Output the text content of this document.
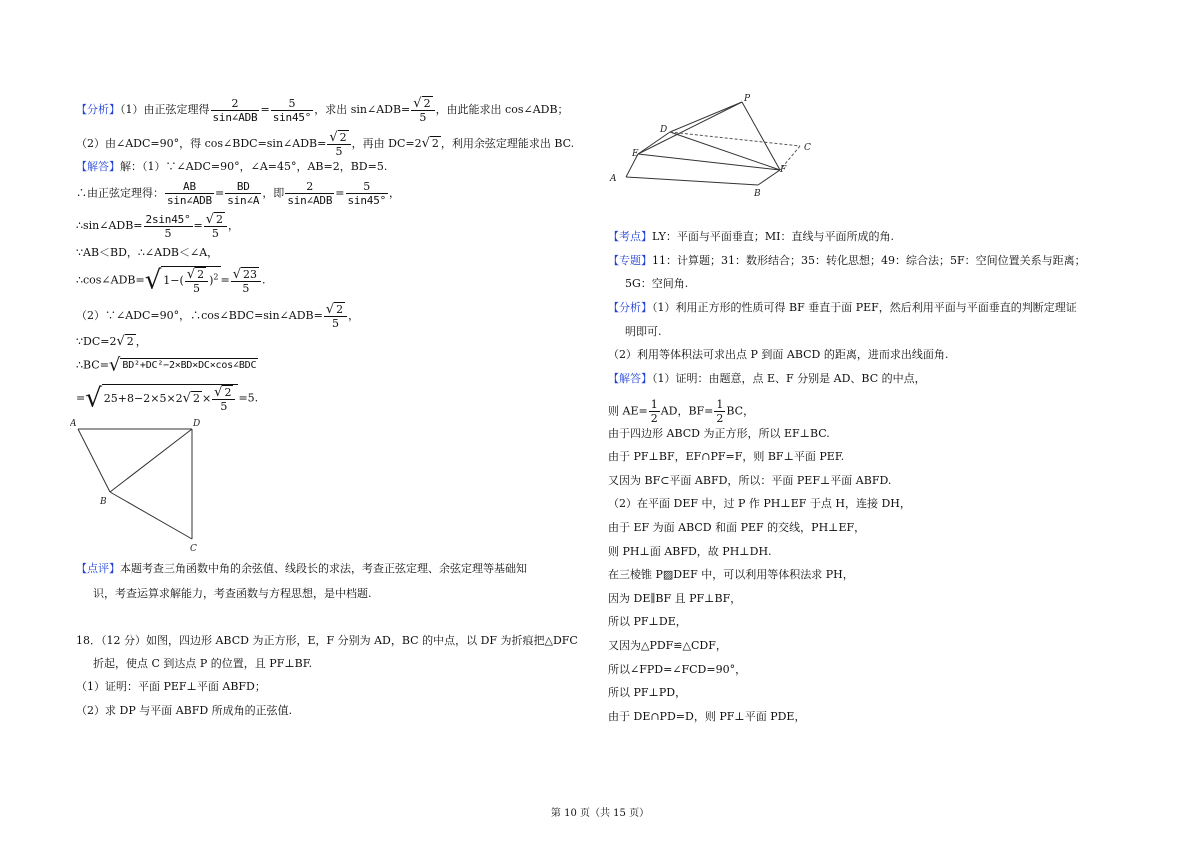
【分析】（1）由正弦定理得	2
sin∠ADB
= $\frac{5}{\sin 45^\circ}$ ，求出 sin∠ADB= $\frac{√ 2}{5}$ ，由此能求出 cos∠ADB；
（2）由∠ADC=90°，得 cos∠BDC=sin∠ADB= $\frac{√ 2}{5}$ ，再由 DC=2√ 2 ，利用余弦定理能求出 BC.
【解答】解：（1）∵∠ADC=90°，∠A=45°，AB=2，BD=5.
∴由正弦定理得：	AB
sin∠ADB
= $\frac{BD}{\sin\angle A}$ ，即	2
sin∠ADB
= $\frac{5}{\sin 45^\circ}$ ，
∴sin∠ADB= $\frac{2\sin 45^\circ}{5} = \frac{√ 2}{5}$ ，
∵AB＜BD，∴∠ADB＜∠A，
∴cos∠ADB=√ $1-( \frac{√ 2}{5} )^2 = \frac{√ 23}{5}$ .
（2）∵∠ADC=90°，∴cos∠BDC=sin∠ADB= $\frac{√ 2}{5}$ ，
∵DC=2√ 2 ，
∴BC=√ BD²+DC²−2×BD×DC×cos∠BDC
=√ 25+8−2×5×2√ $2 \times \frac{√ 2}{5} =5$.
A	D
B
C
【点评】本题考查三角函数中角的余弦值、线段长的求法，考查正弦定理、余弦定理等基础知
识，考查运算求解能力，考查函数与方程思想，是中档题.
18．（12 分）如图，四边形 ABCD 为正方形，E，F 分别为 AD，BC 的中点，以 DF 为折痕把△DFC
折起，使点 C 到达点 P 的位置，且 PF⊥BF.
（1）证明：平面 PEF⊥平面 ABFD；
（2）求 DP 与平面 ABFD 所成角的正弦值.
P
D
E
C
F
A
B
【考点】LY：平面与平面垂直；MI：直线与平面所成的角.
【专题】11：计算题；31：数形结合；35：转化思想；49：综合法；5F：空间位置关系与距离；
5G：空间角.
【分析】（1）利用正方形的性质可得 BF 垂直于面 PEF，然后利用平面与平面垂直的判断定理证
明即可.
（2）利用等体积法可求出点 P 到面 ABCD 的距离，进而求出线面角.
【解答】（1）证明：由题意，点 E、F 分别是 AD、BC 的中点，
则 $AE= \frac{1}{2}$ AD，$BF= \frac{1}{2}$ BC，
由于四边形 ABCD 为正方形，所以 EF⊥BC.
由于 PF⊥BF，EF∩PF=F，则 BF⊥平面 PEF.
又因为 BF⊂平面 ABFD，所以：平面 PEF⊥平面 ABFD.
（2）在平面 DEF 中，过 P 作 PH⊥EF 于点 H，连接 DH，
由于 EF 为面 ABCD 和面 PEF 的交线，PH⊥EF，
则 PH⊥面 ABFD，故 PH⊥DH.
在三棱锥 P▨DEF 中，可以利用等体积法求 PH，
因为 DE∥BF 且 PF⊥BF，
所以 PF⊥DE，
又因为△PDF≌△CDF，
所以∠FPD=∠FCD=90°，
所以 PF⊥PD，
由于 DE∩PD=D，则 PF⊥平面 PDE，
第 10 页（共 15 页）
